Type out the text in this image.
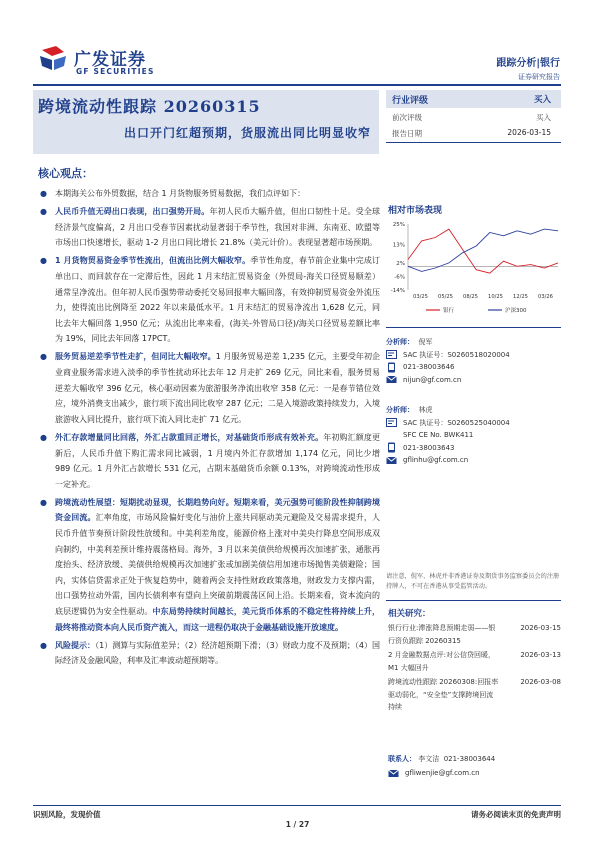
广发证券
GF SECURITIES
跟踪分析|银行
证券研究报告
跨境流动性跟踪 20260315
出口开门红超预期，货服流出同比明显收窄
行业评级	买入
前次评级	买入
报告日期	2026-03-15
核心观点：
● 本期海关公布外贸数据，结合 1 月货物服务贸易数据，我们点评如下：
● 人民币升值无碍出口表现，出口强势开局。年初人民币大幅升值，但出口韧性十足。受全球经济景气度偏高，2 月出口受春节因素扰动显著弱于季节性，我国对非洲、东南亚、欧盟等市场出口快速增长，驱动 1-2 月出口同比增长 21.8%（美元计价）。表现显著超市场预期。
● 1 月货物贸易资金季节性流出，但流出比例大幅收窄。季节性角度，春节前企业集中完成订单出口、而回款存在一定滞后性，因此 1 月末结汇贸易资金（外贸局-海关口径贸易顺差）通常呈净流出。但年初人民币强势带动委托交易回报率大幅回落，有效抑制贸易资金外流压力，使得流出比例降至 2022 年以来最低水平。1 月末结汇的贸易净流出 1,628 亿元，同比去年大幅回落 1,950 亿元；从流出比率来看，(海关-外管局口径)/海关口径贸易差额比率为 19%，同比去年回落 17PCT。
● 服务贸易逆差季节性走扩，但同比大幅收窄。1 月服务贸易逆差 1,235 亿元，主要受年初企业商业服务需求进入淡季的季节性扰动环比去年 12 月走扩 269 亿元，同比来看，服务贸易逆差大幅收窄 396 亿元，核心驱动因素为旅游服务净流出收窄 358 亿元：一是春节错位效应，境外消费支出减少，旅行项下流出同比收窄 287 亿元；二是入境游政策持续发力，入境旅游收入同比提升，旅行项下流入同比走扩 71 亿元。
● 外汇存款增量同比回落，外汇占款重回正增长，对基础货币形成有效补充。年初购汇额度更新后，人民币升值下购汇需求同比减弱，1 月境内外汇存款增加 1,174 亿元，同比少增 989 亿元。1 月外汇占款增长 531 亿元，占期末基础货币余额 0.13%，对跨境流动性形成一定补充。
● 跨境流动性展望：短期扰动显现，长期趋势向好。短期来看，美元强势可能阶段性抑制跨境资金回流。汇率角度，市场风险偏好变化与油价上涨共同驱动美元避险及交易需求提升，人民币升值节奏预计阶段性放缓和。中美利差角度，能源价格上涨对中美央行降息空间形成双向制约，中美利差预计维持震荡格局。海外，3 月以来美债供给规模再次加速扩张，通胀再度抬头、经济放缓、美债供给规模再次加速扩张或加剧美债信用加速市场抛售美债避险；国内，实体信贷需求正处于恢复趋势中，随着两会支持性财政政策落地，财政发力支撑内需，出口强势拉动外需，国内长债利率有望向上突破前期震荡区间上沿。长期来看，资本流向的底层逻辑仍为安全性驱动。中东局势持续时间越长，美元货币体系的不稳定性将持续上升，最终将推动资本向人民币资产流入，而这一进程仍取决于金融基础设施开放速度。
● 风险提示：（1）测算与实际值差异；（2）经济超预期下滑；（3）财政力度不及预期；（4）国际经济及金融风险，利率及汇率波动超预期等。
相对市场表现
25%
13%
2%
-6%
-14%
03/25 05/25 08/25 10/25 12/25 03/26
银行	沪深300
分析师： 倪军
SAC 执证号：S0260518020004
021-38003646
nijun@gf.com.cn
分析师： 林虎
SAC 执证号：S0260525040004
SFC CE No. BWK411
021-38003643
gflinhu@gf.com.cn
请注意，倪军、林虎并非香港证券及期货事务监察委员会的注册持牌人，不可在香港从事受监管活动。
相关研究：
银行行业:滞涨降息预期走弱——银行资负跟踪 20260315
2026-03-15
2 月金融数据点评:对公信贷回暖，M1 大幅回升
2026-03-13
跨境流动性跟踪 20260308:回报率驱动弱化，“安全垫”支撑跨境回流持续
2026-03-08
联系人： 李文洁 021-38003644
gfliwenjie@gf.com.cn
识别风险，发现价值	请务必阅读末页的免责声明
1 / 27
